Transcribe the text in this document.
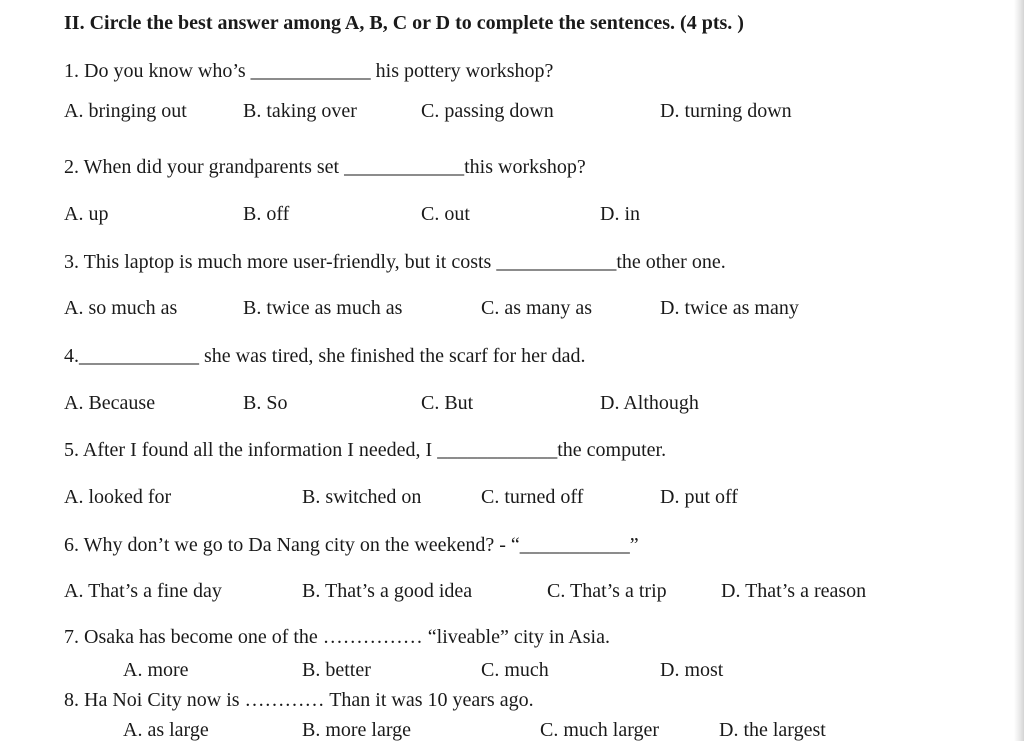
II. Circle the best answer among A, B, C or D to complete the sentences. (4 pts. )
1. Do you know who’s ____________ his pottery workshop?
A. bringing out	B. taking over	C. passing down	D. turning down
2. When did your grandparents set ____________this workshop?
A. up	B. off	C. out	D. in
3. This laptop is much more user-friendly, but it costs ____________the other one.
A. so much as	B. twice as much as	C. as many as	D. twice as many
4.____________ she was tired, she finished the scarf for her dad.
A. Because	B. So	C. But	D. Although
5. After I found all the information I needed, I ____________the computer.
A. looked for	B. switched on	C. turned off	D. put off
6. Why don’t we go to Da Nang city on the weekend? - “___________”
A. That’s a fine day	B. That’s a good idea	C. That’s a trip	D. That’s a reason
7. Osaka has become one of the …………… “liveable” city in Asia.
A. more	B. better	C. much	D. most
8. Ha Noi City now is ………… Than it was 10 years ago.
A. as large	B. more large	C. much larger	D. the largest
